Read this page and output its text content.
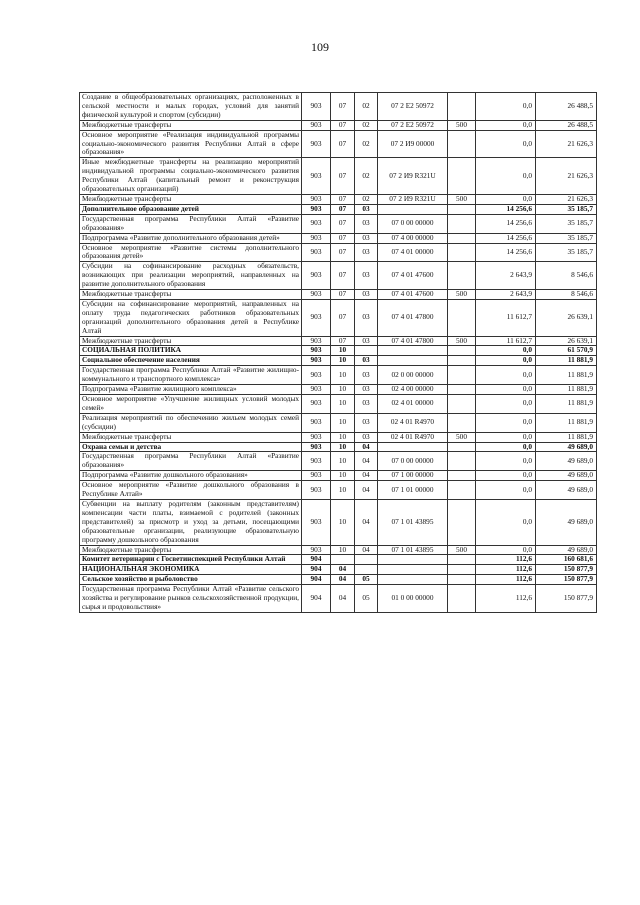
109
Создание в общеобразовательных организациях, расположенных в сельской местности и малых городах, условий для занятий физической культурой и спортом (субсидии)	903	07	02	07 2 E2 50972		0,0	26 488,5
Межбюджетные трансферты	903	07	02	07 2 E2 50972	500	0,0	26 488,5
Основное мероприятие «Реализация индивидуальной программы социально-экономического развития Республики Алтай в сфере образования»	903	07	02	07 2 И9 00000		0,0	21 626,3
Иные межбюджетные трансферты на реализацию мероприятий индивидуальной программы социально-экономического развития Республики Алтай (капитальный ремонт и реконструкция образовательных организаций)	903	07	02	07 2 И9 R321U		0,0	21 626,3
Межбюджетные трансферты	903	07	02	07 2 И9 R321U	500	0,0	21 626,3
Дополнительное образование детей	903	07	03			14 256,6	35 185,7
Государственная программа Республики Алтай «Развитие образования»	903	07	03	07 0 00 00000		14 256,6	35 185,7
Подпрограмма «Развитие дополнительного образования детей»	903	07	03	07 4 00 00000		14 256,6	35 185,7
Основное мероприятие «Развитие системы дополнительного образования детей»	903	07	03	07 4 01 00000		14 256,6	35 185,7
Субсидии на софинансирование расходных обязательств, возникающих при реализации мероприятий, направленных на развитие дополнительного образования	903	07	03	07 4 01 47600		2 643,9	8 546,6
Межбюджетные трансферты	903	07	03	07 4 01 47600	500	2 643,9	8 546,6
Субсидии на софинансирование мероприятий, направленных на оплату труда педагогических работников образовательных организаций дополнительного образования детей в Республике Алтай	903	07	03	07 4 01 47800		11 612,7	26 639,1
Межбюджетные трансферты	903	07	03	07 4 01 47800	500	11 612,7	26 639,1
СОЦИАЛЬНАЯ ПОЛИТИКА	903	10				0,0	61 570,9
Социальное обеспечение населения	903	10	03			0,0	11 881,9
Государственная программа Республики Алтай «Развитие жилищно-коммунального и транспортного комплекса»	903	10	03	02 0 00 00000		0,0	11 881,9
Подпрограмма «Развитие жилищного комплекса»	903	10	03	02 4 00 00000		0,0	11 881,9
Основное мероприятие «Улучшение жилищных условий молодых семей»	903	10	03	02 4 01 00000		0,0	11 881,9
Реализация мероприятий по обеспечению жильем молодых семей (субсидии)	903	10	03	02 4 01 R4970		0,0	11 881,9
Межбюджетные трансферты	903	10	03	02 4 01 R4970	500	0,0	11 881,9
Охрана семьи и детства	903	10	04			0,0	49 689,0
Государственная программа Республики Алтай «Развитие образования»	903	10	04	07 0 00 00000		0,0	49 689,0
Подпрограмма «Развитие дошкольного образования»	903	10	04	07 1 00 00000		0,0	49 689,0
Основное мероприятие «Развитие дошкольного образования в Республике Алтай»	903	10	04	07 1 01 00000		0,0	49 689,0
Субвенции на выплату родителям (законным представителям) компенсации части платы, взимаемой с родителей (законных представителей) за присмотр и уход за детьми, посещающими образовательные организации, реализующие образовательную программу дошкольного образования	903	10	04	07 1 01 43895		0,0	49 689,0
Межбюджетные трансферты	903	10	04	07 1 01 43895	500	0,0	49 689,0
Комитет ветеринарии с Госветинспекцией Республики Алтай	904					112,6	160 681,6
НАЦИОНАЛЬНАЯ ЭКОНОМИКА	904	04				112,6	150 877,9
Сельское хозяйство и рыболовство	904	04	05			112,6	150 877,9
Государственная программа Республики Алтай «Развитие сельского хозяйства и регулирование рынков сельскохозяйственной продукции, сырья и продовольствия»	904	04	05	01 0 00 00000		112,6	150 877,9
